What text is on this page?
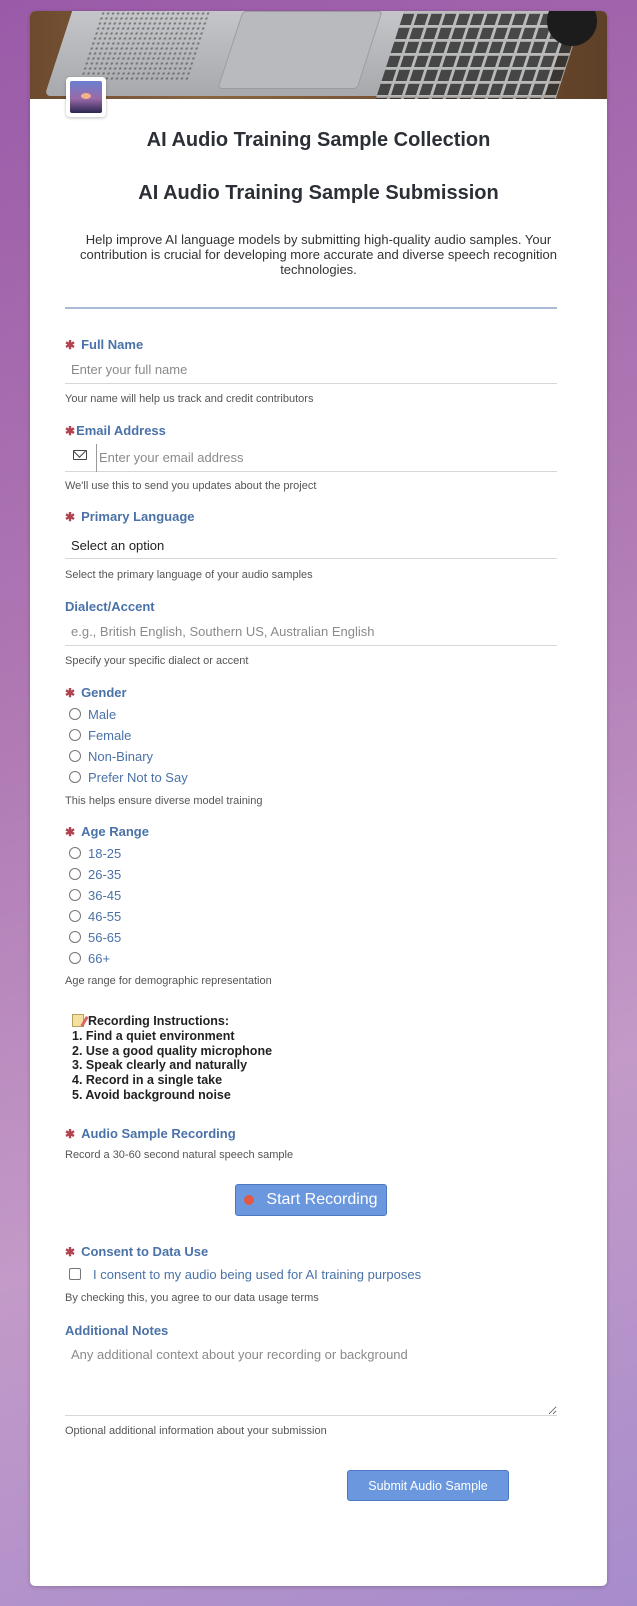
AI Audio Training Sample Collection
AI Audio Training Sample Submission
Help improve AI language models by submitting high-quality audio samples. Your contribution is crucial for developing more accurate and diverse speech recognition technologies.
✱ Full Name
Enter your full name
Your name will help us track and credit contributors
✱Email Address
Enter your email address
We'll use this to send you updates about the project
✱ Primary Language
Select an option
Select the primary language of your audio samples
Dialect/Accent
e.g., British English, Southern US, Australian English
Specify your specific dialect or accent
✱ Gender
Male
Female
Non-Binary
Prefer Not to Say
This helps ensure diverse model training
✱ Age Range
18-25
26-35
36-45
46-55
56-65
66+
Age range for demographic representation
Recording Instructions:
1. Find a quiet environment
2. Use a good quality microphone
3. Speak clearly and naturally
4. Record in a single take
5. Avoid background noise
✱ Audio Sample Recording
Record a 30-60 second natural speech sample
Start Recording
✱ Consent to Data Use
I consent to my audio being used for AI training purposes
By checking this, you agree to our data usage terms
Additional Notes
Any additional context about your recording or background
Optional additional information about your submission
Submit Audio Sample
